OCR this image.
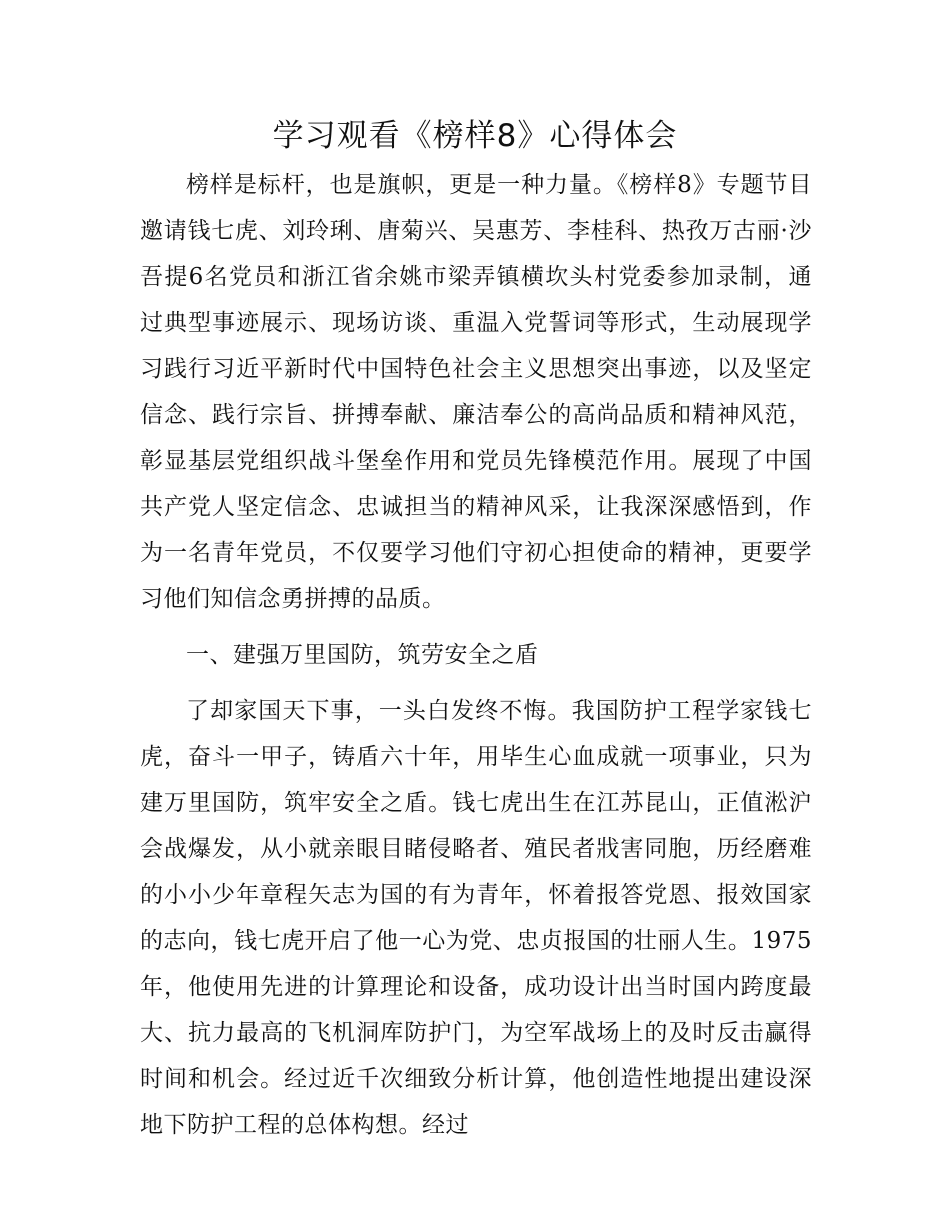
学习观看《榜样8》心得体会

榜样是标杆，也是旗帜，更是一种力量。《榜样8》专题节目邀请钱七虎、刘玲琍、唐菊兴、吴惠芳、李桂科、热孜万古丽·沙吾提6名党员和浙江省余姚市梁弄镇横坎头村党委参加录制，通过典型事迹展示、现场访谈、重温入党誓词等形式，生动展现学习践行习近平新时代中国特色社会主义思想突出事迹，以及坚定信念、践行宗旨、拼搏奉献、廉洁奉公的高尚品质和精神风范，彰显基层党组织战斗堡垒作用和党员先锋模范作用。展现了中国共产党人坚定信念、忠诚担当的精神风采，让我深深感悟到，作为一名青年党员，不仅要学习他们守初心担使命的精神，更要学习他们知信念勇拼搏的品质。

一、建强万里国防，筑劳安全之盾

了却家国天下事，一头白发终不悔。我国防护工程学家钱七虎，奋斗一甲子，铸盾六十年，用毕生心血成就一项事业，只为建万里国防，筑牢安全之盾。钱七虎出生在江苏昆山，正值淞沪会战爆发，从小就亲眼目睹侵略者、殖民者戕害同胞，历经磨难的小小少年章程矢志为国的有为青年，怀着报答党恩、报效国家的志向，钱七虎开启了他一心为党、忠贞报国的壮丽人生。1975年，他使用先进的计算理论和设备，成功设计出当时国内跨度最大、抗力最高的飞机洞库防护门，为空军战场上的及时反击赢得时间和机会。经过近千次细致分析计算，他创造性地提出建设深地下防护工程的总体构想。经过
